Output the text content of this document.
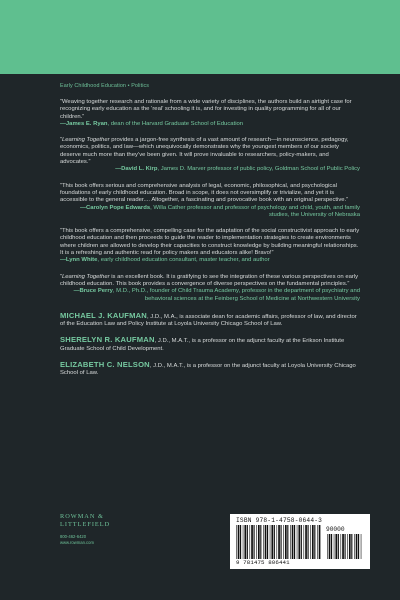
Early Childhood Education • Politics
“Weaving together research and rationale from a wide variety of disciplines, the authors build an airtight case for recognizing early education as the ‘real’ schooling it is, and for investing in quality programming for all of our children.”
—James E. Ryan, dean of the Harvard Graduate School of Education
“Learning Together provides a jargon-free synthesis of a vast amount of research—in neuroscience, pedagogy, economics, politics, and law—which unequivocally demonstrates why the youngest members of our society deserve much more than they’ve been given. It will prove invaluable to researchers, policy-makers, and advocates.”
—David L. Kirp, James D. Marver professor of public policy, Goldman School of Public Policy
“This book offers serious and comprehensive analysis of legal, economic, philosophical, and psychological foundations of early childhood education. Broad in scope, it does not oversimplify or trivialize, and yet it is accessible to the general reader.... Altogether, a fascinating and provocative book with an original perspective.”
—Carolyn Pope Edwards, Willa Cather professor and professor of psychology and child, youth, and family studies, the University of Nebraska
“This book offers a comprehensive, compelling case for the adaptation of the social constructivist approach to early childhood education and then proceeds to guide the reader to implementation strategies to create environments where children are allowed to develop their capacities to construct knowledge by building meaningful relationships. It is a refreshing and authentic read for policy makers and educators alike! Bravo!”
—Lynn White, early childhood education consultant, master teacher, and author
“Learning Together is an excellent book. It is gratifying to see the integration of these various perspectives on early childhood education. This book provides a convergence of diverse perspectives on the fundamental principles.”
—Bruce Perry, M.D., Ph.D., founder of Child Trauma Academy, professor in the department of psychiatry and behavioral sciences at the Feinberg School of Medicine at Northwestern University
MICHAEL J. KAUFMAN, J.D., M.A., is associate dean for academic affairs, professor of law, and director of the Education Law and Policy Institute at Loyola University Chicago School of Law.
SHERELYN R. KAUFMAN, J.D., M.A.T., is a professor on the adjunct faculty at the Erikson Institute Graduate School of Child Development.
ELIZABETH C. NELSON, J.D., M.A.T., is a professor on the adjunct faculty at Loyola University Chicago School of Law.
ROWMAN &
LITTLEFIELD
800-462-6420
www.rowman.com
ISBN 978-1-4758-0644-3
90000
9 781475 806441
